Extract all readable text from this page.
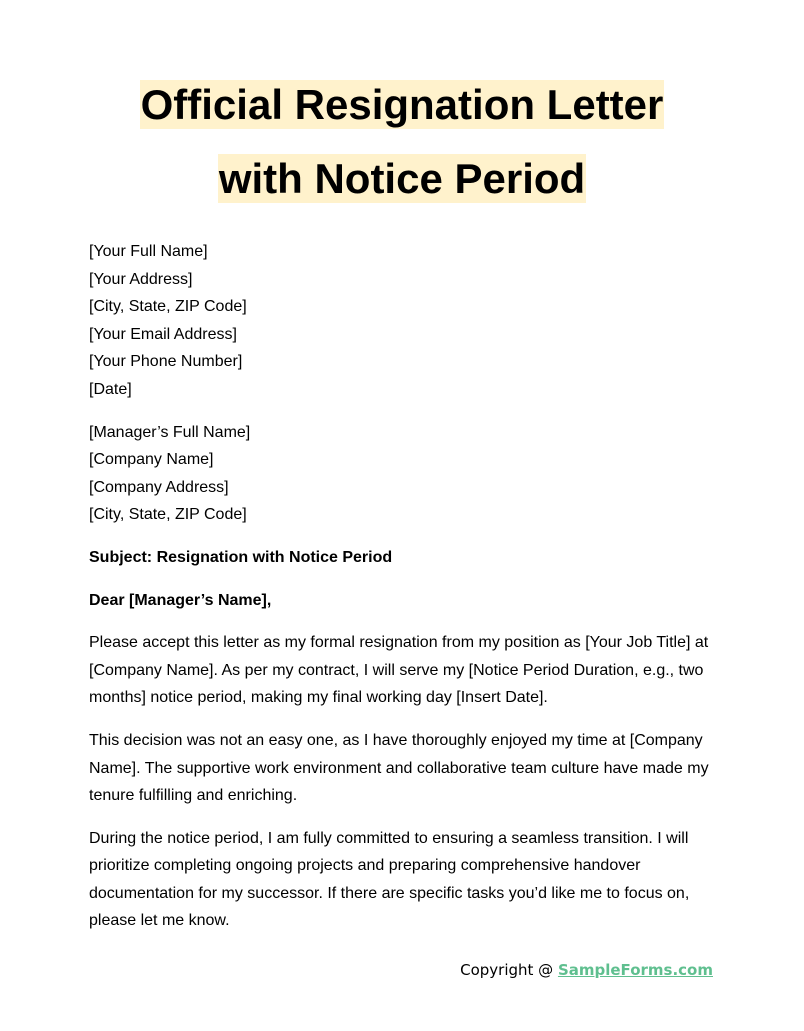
Official Resignation Letter
with Notice Period
[Your Full Name]
[Your Address]
[City, State, ZIP Code]
[Your Email Address]
[Your Phone Number]
[Date]
[Manager’s Full Name]
[Company Name]
[Company Address]
[City, State, ZIP Code]
Subject: Resignation with Notice Period
Dear [Manager’s Name],

Please accept this letter as my formal resignation from my position as [Your Job Title] at [Company Name]. As per my contract, I will serve my [Notice Period Duration, e.g., two months] notice period, making my final working day [Insert Date].

This decision was not an easy one, as I have thoroughly enjoyed my time at [Company Name]. The supportive work environment and collaborative team culture have made my tenure fulfilling and enriching.

During the notice period, I am fully committed to ensuring a seamless transition. I will prioritize completing ongoing projects and preparing comprehensive handover documentation for my successor. If there are specific tasks you’d like me to focus on, please let me know.

Copyright @ SampleForms.com
